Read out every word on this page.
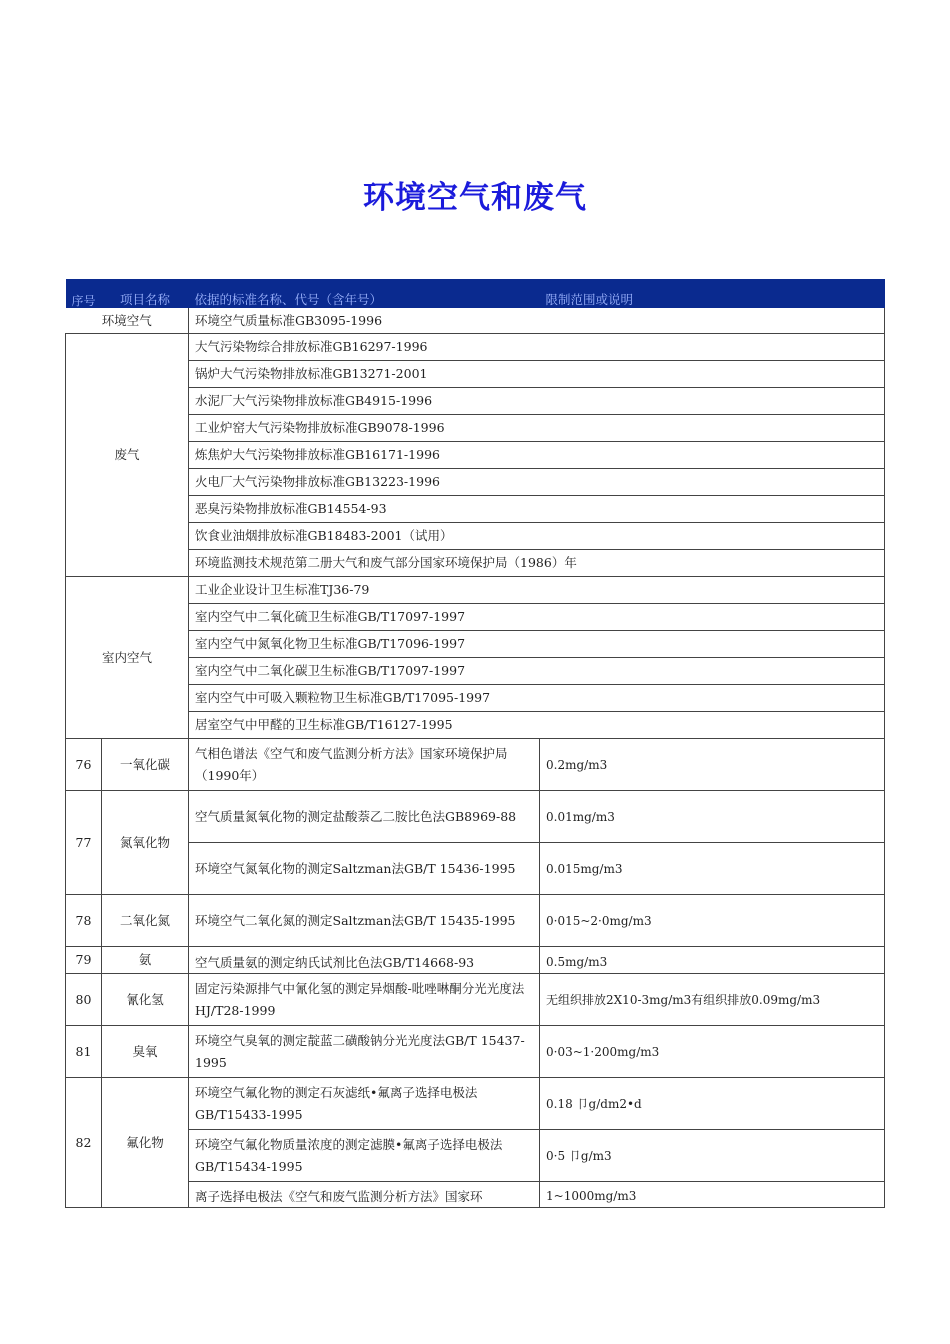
环境空气和废气
序号	项目名称	依据的标准名称、代号（含年号）	限制范围或说明
环境空气		环境空气质量标准GB3095-1996	
废气		大气污染物综合排放标准GB16297-1996	
		锅炉大气污染物排放标准GB13271-2001	
		水泥厂大气污染物排放标准GB4915-1996	
		工业炉窑大气污染物排放标准GB9078-1996	
		炼焦炉大气污染物排放标准GB16171-1996	
		火电厂大气污染物排放标准GB13223-1996	
		恶臭污染物排放标准GB14554-93	
		饮食业油烟排放标准GB18483-2001（试用）	
		环境监测技术规范第二册大气和废气部分国家环境保护局（1986）年	
室内空气		工业企业设计卫生标准TJ36-79	
		室内空气中二氧化硫卫生标准GB/T17097-1997	
		室内空气中氮氧化物卫生标准GB/T17096-1997	
		室内空气中二氧化碳卫生标准GB/T17097-1997	
		室内空气中可吸入颗粒物卫生标准GB/T17095-1997	
		居室空气中甲醛的卫生标准GB/T16127-1995	
76	一氧化碳	气相色谱法《空气和废气监测分析方法》国家环境保护局（1990年）	0.2mg/m3
77	氮氧化物	空气质量氮氧化物的测定盐酸萘乙二胺比色法GB8969-88	0.01mg/m3
		环境空气氮氧化物的测定Saltzman法GB/T 15436-1995	0.015mg/m3
78	二氧化氮	环境空气二氧化氮的测定Saltzman法GB/T 15435-1995	0·015~2·0mg/m3
79	氨	空气质量氨的测定纳氏试剂比色法GB/T14668-93	0.5mg/m3
80	氰化氢	固定污染源排气中氰化氢的测定异烟酸-吡唑啉酮分光光度法HJ/T28-1999	无组织排放2X10-3mg/m3有组织排放0.09mg/m3
81	臭氧	环境空气臭氧的测定靛蓝二磺酸钠分光光度法GB/T 15437-1995	0·03~1·200mg/m3
82	氟化物	环境空气氟化物的测定石灰滤纸•氟离子选择电极法GB/T15433-1995	0.18 卩g/dm2•d
		环境空气氟化物质量浓度的测定滤膜•氟离子选择电极法GB/T15434-1995	0·5 卩g/m3
		离子选择电极法《空气和废气监测分析方法》国家环	1~1000mg/m3
